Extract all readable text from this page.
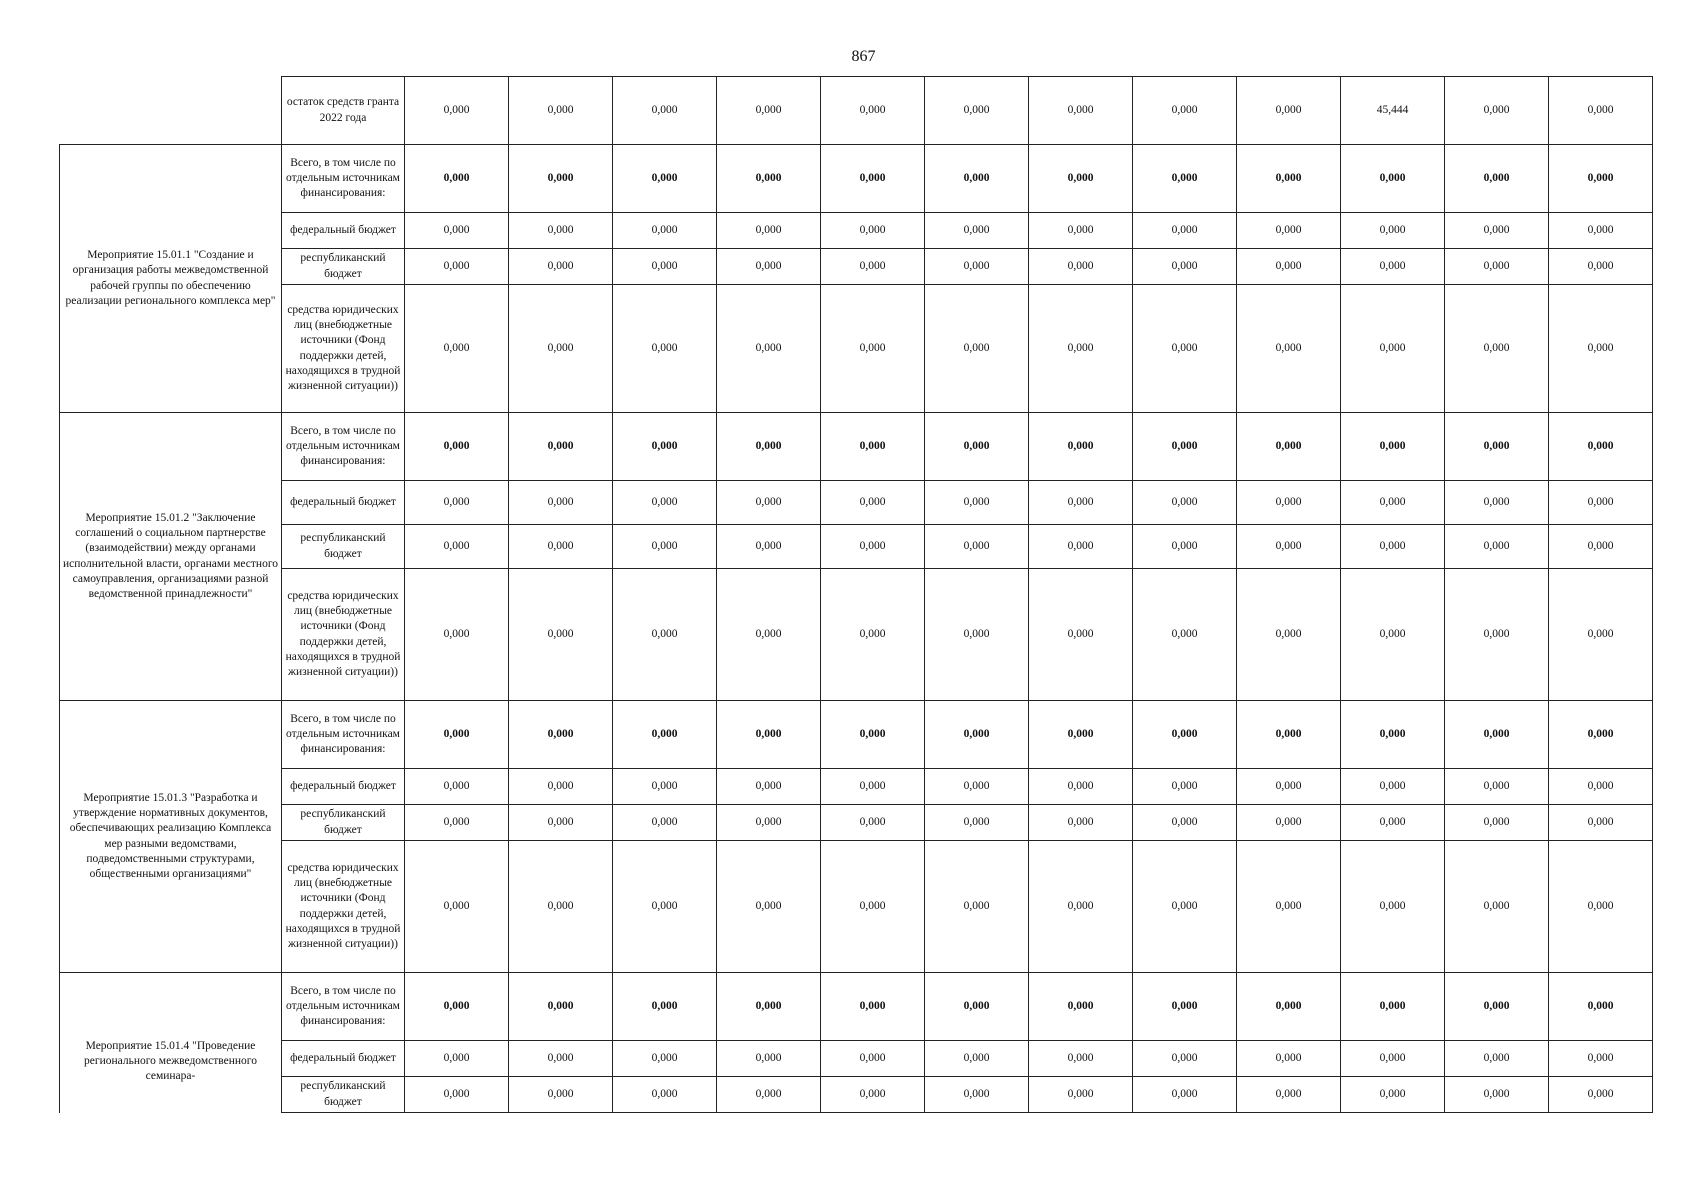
867
	остаток средств гранта 2022 года	0,000	0,000	0,000	0,000	0,000	0,000	0,000	0,000	0,000	45,444	0,000	0,000

Мероприятие 15.01.1 "Создание и организация работы межведомственной рабочей группы по обеспечению реализации регионального комплекса мер"	Всего, в том числе по отдельным источникам финансирования:	0,000	0,000	0,000	0,000	0,000	0,000	0,000	0,000	0,000	0,000	0,000	0,000
	федеральный бюджет	0,000	0,000	0,000	0,000	0,000	0,000	0,000	0,000	0,000	0,000	0,000	0,000
	республиканский бюджет	0,000	0,000	0,000	0,000	0,000	0,000	0,000	0,000	0,000	0,000	0,000	0,000
	средства юридических лиц (внебюджетные источники (Фонд поддержки детей, находящихся в трудной жизненной ситуации))	0,000	0,000	0,000	0,000	0,000	0,000	0,000	0,000	0,000	0,000	0,000	0,000

Мероприятие 15.01.2 "Заключение соглашений о социальном партнерстве (взаимодействии) между органами исполнительной власти, органами местного самоуправления, организациями разной ведомственной принадлежности"	Всего, в том числе по отдельным источникам финансирования:	0,000	0,000	0,000	0,000	0,000	0,000	0,000	0,000	0,000	0,000	0,000	0,000
	федеральный бюджет	0,000	0,000	0,000	0,000	0,000	0,000	0,000	0,000	0,000	0,000	0,000	0,000
	республиканский бюджет	0,000	0,000	0,000	0,000	0,000	0,000	0,000	0,000	0,000	0,000	0,000	0,000
	средства юридических лиц (внебюджетные источники (Фонд поддержки детей, находящихся в трудной жизненной ситуации))	0,000	0,000	0,000	0,000	0,000	0,000	0,000	0,000	0,000	0,000	0,000	0,000

Мероприятие 15.01.3 "Разработка и утверждение нормативных документов, обеспечивающих реализацию Комплекса мер разными ведомствами, подведомственными структурами, общественными организациями"	Всего, в том числе по отдельным источникам финансирования:	0,000	0,000	0,000	0,000	0,000	0,000	0,000	0,000	0,000	0,000	0,000	0,000
	федеральный бюджет	0,000	0,000	0,000	0,000	0,000	0,000	0,000	0,000	0,000	0,000	0,000	0,000
	республиканский бюджет	0,000	0,000	0,000	0,000	0,000	0,000	0,000	0,000	0,000	0,000	0,000	0,000
	средства юридических лиц (внебюджетные источники (Фонд поддержки детей, находящихся в трудной жизненной ситуации))	0,000	0,000	0,000	0,000	0,000	0,000	0,000	0,000	0,000	0,000	0,000	0,000

Мероприятие 15.01.4 "Проведение регионального межведомственного семинара-	Всего, в том числе по отдельным источникам финансирования:	0,000	0,000	0,000	0,000	0,000	0,000	0,000	0,000	0,000	0,000	0,000	0,000
	федеральный бюджет	0,000	0,000	0,000	0,000	0,000	0,000	0,000	0,000	0,000	0,000	0,000	0,000
	республиканский бюджет	0,000	0,000	0,000	0,000	0,000	0,000	0,000	0,000	0,000	0,000	0,000	0,000
